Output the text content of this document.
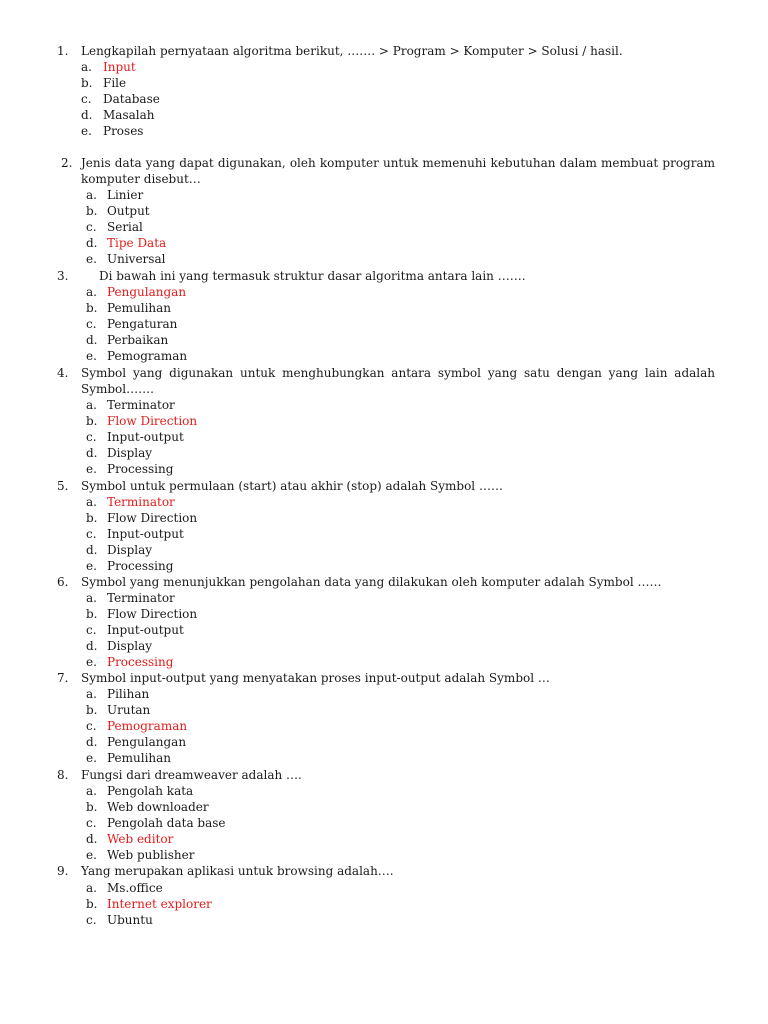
1.	Lengkapilah pernyataan algoritma berikut, ……. > Program > Komputer > Solusi / hasil.
a. Input
b. File
c. Database
d. Masalah
e. Proses
2. Jenis data yang dapat digunakan, oleh komputer untuk memenuhi kebutuhan dalam membuat program
komputer disebut…
a. Linier
b. Output
c. Serial
d. Tipe Data
e. Universal
3.	Di bawah ini yang termasuk struktur dasar algoritma antara lain …….
a. Pengulangan
b. Pemulihan
c. Pengaturan
d. Perbaikan
e. Pemograman
4.	Symbol yang digunakan untuk menghubungkan antara symbol yang satu dengan yang lain adalah
Symbol…….
a. Terminator
b. Flow Direction
c. Input-output
d. Display
e. Processing
5.	Symbol untuk permulaan (start) atau akhir (stop) adalah Symbol ……
a. Terminator
b. Flow Direction
c. Input-output
d. Display
e. Processing
6.	Symbol yang menunjukkan pengolahan data yang dilakukan oleh komputer adalah Symbol ……
a. Terminator
b. Flow Direction
c. Input-output
d. Display
e. Processing
7.	Symbol input-output yang menyatakan proses input-output adalah Symbol …
a. Pilihan
b. Urutan
c. Pemograman
d. Pengulangan
e. Pemulihan
8.	Fungsi dari dreamweaver adalah ….
a. Pengolah kata
b. Web downloader
c. Pengolah data base
d. Web editor
e. Web publisher
9.	Yang merupakan aplikasi untuk browsing adalah….
a. Ms.office
b. Internet explorer
c. Ubuntu
